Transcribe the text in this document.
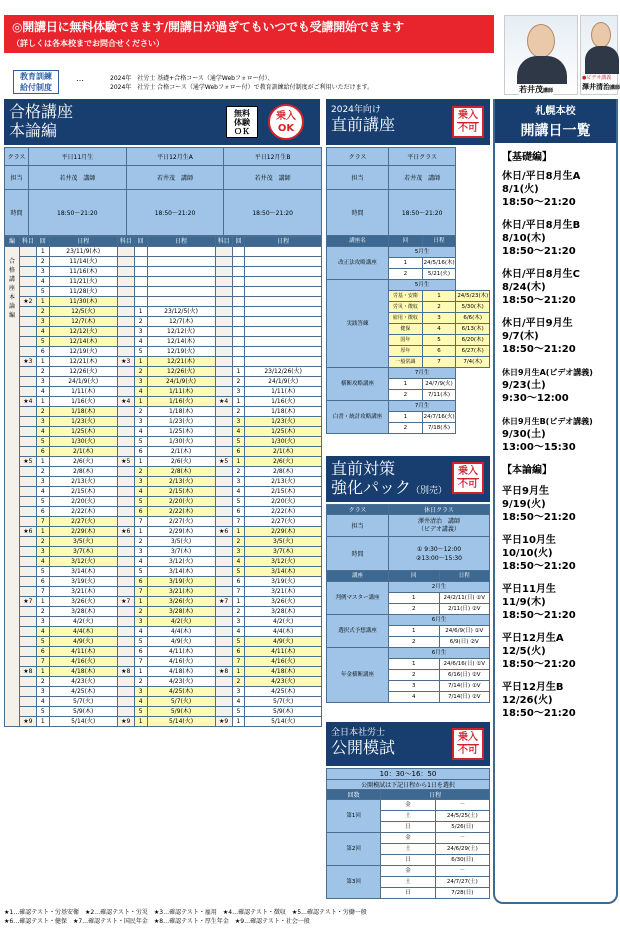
◎開講日に無料体験できます/開講日が過ぎてもいつでも受講開始できます
（詳しくは各本校までお問合せください）
若井茂講師
●ビデオ講義
澤井清治講師
教育訓練
給付制度
…	2024年　社労士 基礎+合格コース（通学Webフォロー付）、
2024年　社労士 合格コース（通学Webフォロー付）で教育訓練給付制度がご利用いただけます。
合格講座
本論編
無料
体験
ＯＫ
乗入
OK
クラス	平日11月生	平日12月生A	平日12月生B
担当	若井茂　講師	若井茂　講師	若井茂　講師
時間	18:50～21:20	18:50～21:20	18:50～21:20
編	科目	回	日程	科目	回	日程	科目	回	日程
合格講座
本論編		1	23/11/9(木)						
		2	11/14(火)						
		3	11/16(木)						
		4	11/21(火)						
		5	11/28(火)						
	★2	1	11/30(木)						
		2	12/5(火)		1	23/12/5(火)			
		3	12/7(木)		2	12/7(木)			
		4	12/12(火)		3	12/12(火)			
		5	12/14(木)		4	12/14(木)			
		6	12/19(火)		5	12/19(火)			
	★3	1	12/21(木)	★3	1	12/21(木)			
		2	12/26(火)		2	12/26(火)		1	23/12/26(火)
		3	24/1/9(火)		3	24/1/9(火)		2	24/1/9(火)
		4	1/11(木)		4	1/11(木)		3	1/11(木)
	★4	1	1/16(火)	★4	1	1/16(火)	★4	1	1/16(火)
		2	1/18(木)		2	1/18(木)		2	1/18(木)
		3	1/23(火)		3	1/23(火)		3	1/23(火)
		4	1/25(木)		4	1/25(木)		4	1/25(木)
		5	1/30(火)		5	1/30(火)		5	1/30(火)
		6	2/1(木)		6	2/1(木)		6	2/1(木)
	★5	1	2/6(火)	★5	1	2/6(火)	★5	1	2/6(火)
		2	2/8(木)		2	2/8(木)		2	2/8(木)
		3	2/13(火)		3	2/13(火)		3	2/13(火)
		4	2/15(木)		4	2/15(木)		4	2/15(木)
		5	2/20(火)		5	2/20(火)		5	2/20(火)
		6	2/22(木)		6	2/22(木)		6	2/22(木)
		7	2/27(火)		7	2/27(火)		7	2/27(火)
	★6	1	2/29(木)	★6	1	2/29(木)	★6	1	2/29(木)
		2	3/5(火)		2	3/5(火)		2	3/5(火)
		3	3/7(木)		3	3/7(木)		3	3/7(木)
		4	3/12(火)		4	3/12(火)		4	3/12(火)
		5	3/14(木)		5	3/14(木)		5	3/14(木)
		6	3/19(火)		6	3/19(火)		6	3/19(火)
		7	3/21(木)		7	3/21(木)		7	3/21(木)
	★7	1	3/26(火)	★7	1	3/26(火)	★7	1	3/26(火)
		2	3/28(木)		2	3/28(木)		2	3/28(木)
		3	4/2(火)		3	4/2(火)		3	4/2(火)
		4	4/4(木)		4	4/4(木)		4	4/4(木)
		5	4/9(火)		5	4/9(火)		5	4/9(火)
		6	4/11(木)		6	4/11(木)		6	4/11(木)
		7	4/16(火)		7	4/16(火)		7	4/16(火)
	★8	1	4/18(木)	★8	1	4/18(木)	★8	1	4/18(木)
		2	4/23(火)		2	4/23(火)		2	4/23(火)
		3	4/25(木)		3	4/25(木)		3	4/25(木)
		4	5/7(火)		4	5/7(火)		4	5/7(火)
		5	5/9(木)		5	5/9(木)		5	5/9(木)
	★9	1	5/14(火)	★9	1	5/14(火)	★9	1	5/14(火)
2024年向け
直前講座	乗入
不可
クラス	平日クラス		
担当	若井茂　講師		
時間	18:50～21:20		
講座名	回	日程	
改正法攻略講座	5月生		
	1	24/5/16(木)	
	2	5/21(火)	
実践答練	5月生		
	労基・安衛	1	24/5/23(木)
	労災・徴収	2	5/30(木)
	雇用・徴収	3	6/6(木)
	健保	4	6/13(木)
	国年	5	6/20(木)
	厚年	6	6/27(木)
	一般常識	7	7/4(木)
横断攻略講座	7月生		
	1	24/7/9(火)	
	2	7/11(木)	
白書・統計攻略講座	7月生		
	1	24/7/16(火)	
	2	7/18(木)	
直前対策
強化パック（別売）
乗入
不可
クラス	休日クラス	
担当	澤井清治　講師
（ビデオ講義）	

時間	① 9:30～12:00
②13:00～15:30	

講座	回	日程
判例マスター講座	2月生	
	1	24/2/11(日) ①V
	2	2/11(日) ②V
選択式予想講座	6月生	
	1	24/6/9(日) ①V
	2	6/9(日) ②V
年金横断講座	6月生	
	1	24/6/16(日) ①V
	2	6/16(日) ②V
	3	7/14(日) ①V
	4	7/14(日) ②V
全日本社労士
公開模試
乗入
不可
10：30～16：50		
公開模試は下記日程から1日を選択		
回数	日程	
第1回	金	－
	土	24/5/25(土)
	日	5/26(日)
第2回	金	－
	土	24/6/29(土)
	日	6/30(日)
第3回	金	－
	土	24/7/27(土)
	日	7/28(日)
札幌本校
開講日一覧
【基礎編】
休日/平日8月生A
8/1(火)
18:50～21:20
休日/平日8月生B
8/10(木)
18:50～21:20
休日/平日8月生C
8/24(木)
18:50～21:20
休日/平日9月生
9/7(木)
18:50～21:20
休日9月生A(ビデオ講義)
9/23(土)
9:30～12:00
休日9月生B(ビデオ講義)
9/30(土)
13:00～15:30
【本論編】
平日9月生
9/19(火)
18:50～21:20
平日10月生
10/10(火)
18:50～21:20
平日11月生
11/9(木)
18:50～21:20
平日12月生A
12/5(火)
18:50～21:20
平日12月生B
12/26(火)
18:50～21:20
★1…確認テスト・労基安衛　★2…確認テスト・労災　★3…確認テスト・雇用　★4…確認テスト・徴収　★5…確認テスト・労働一般
★6…確認テスト・健保　★7…確認テスト・国民年金　★8…確認テスト・厚生年金　★9…確認テスト・社会一般
